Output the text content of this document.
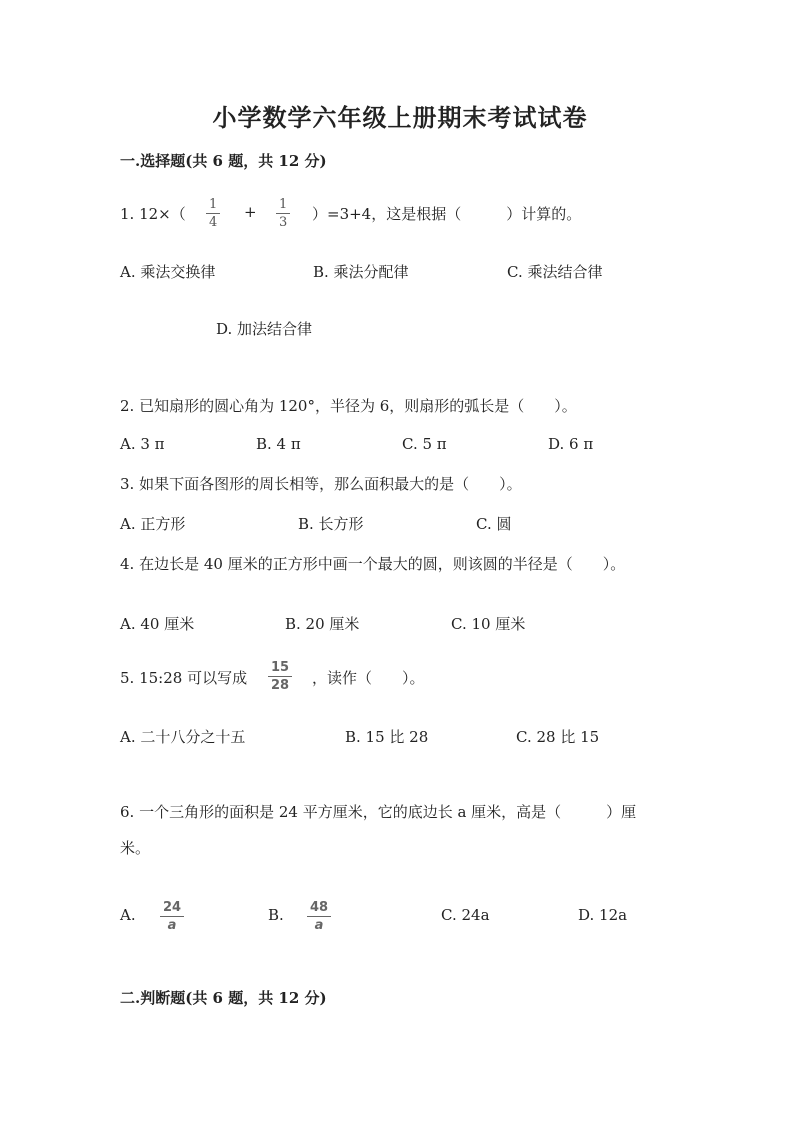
小学数学六年级上册期末考试试卷
一.选择题(共 6 题，共 12 分)
1. 12×（
1
4
+ 1
3 ）=3+4，这是根据（　　　）计算的。
A. 乘法交换律	B. 乘法分配律	C. 乘法结合律
D. 加法结合律
2. 已知扇形的圆心角为 120°，半径为 6，则扇形的弧长是（　　）。
A. 3 π	B. 4 π	C. 5 π	D. 6 π
3. 如果下面各图形的周长相等，那么面积最大的是（　　）。
A. 正方形	B. 长方形	C. 圆
4. 在边长是 40 厘米的正方形中画一个最大的圆，则该圆的半径是（　　）。
A. 40 厘米	B. 20 厘米	C. 10 厘米
5. 15:28 可以写成
15
28 ，读作（　　）。
A. 二十八分之十五	B. 15 比 28	C. 28 比 15
6. 一个三角形的面积是 24 平方厘米，它的底边长 a 厘米，高是（　　　）厘
米。
A. 24
a
B. 48
a
C. 24a	D. 12a
二.判断题(共 6 题，共 12 分)
